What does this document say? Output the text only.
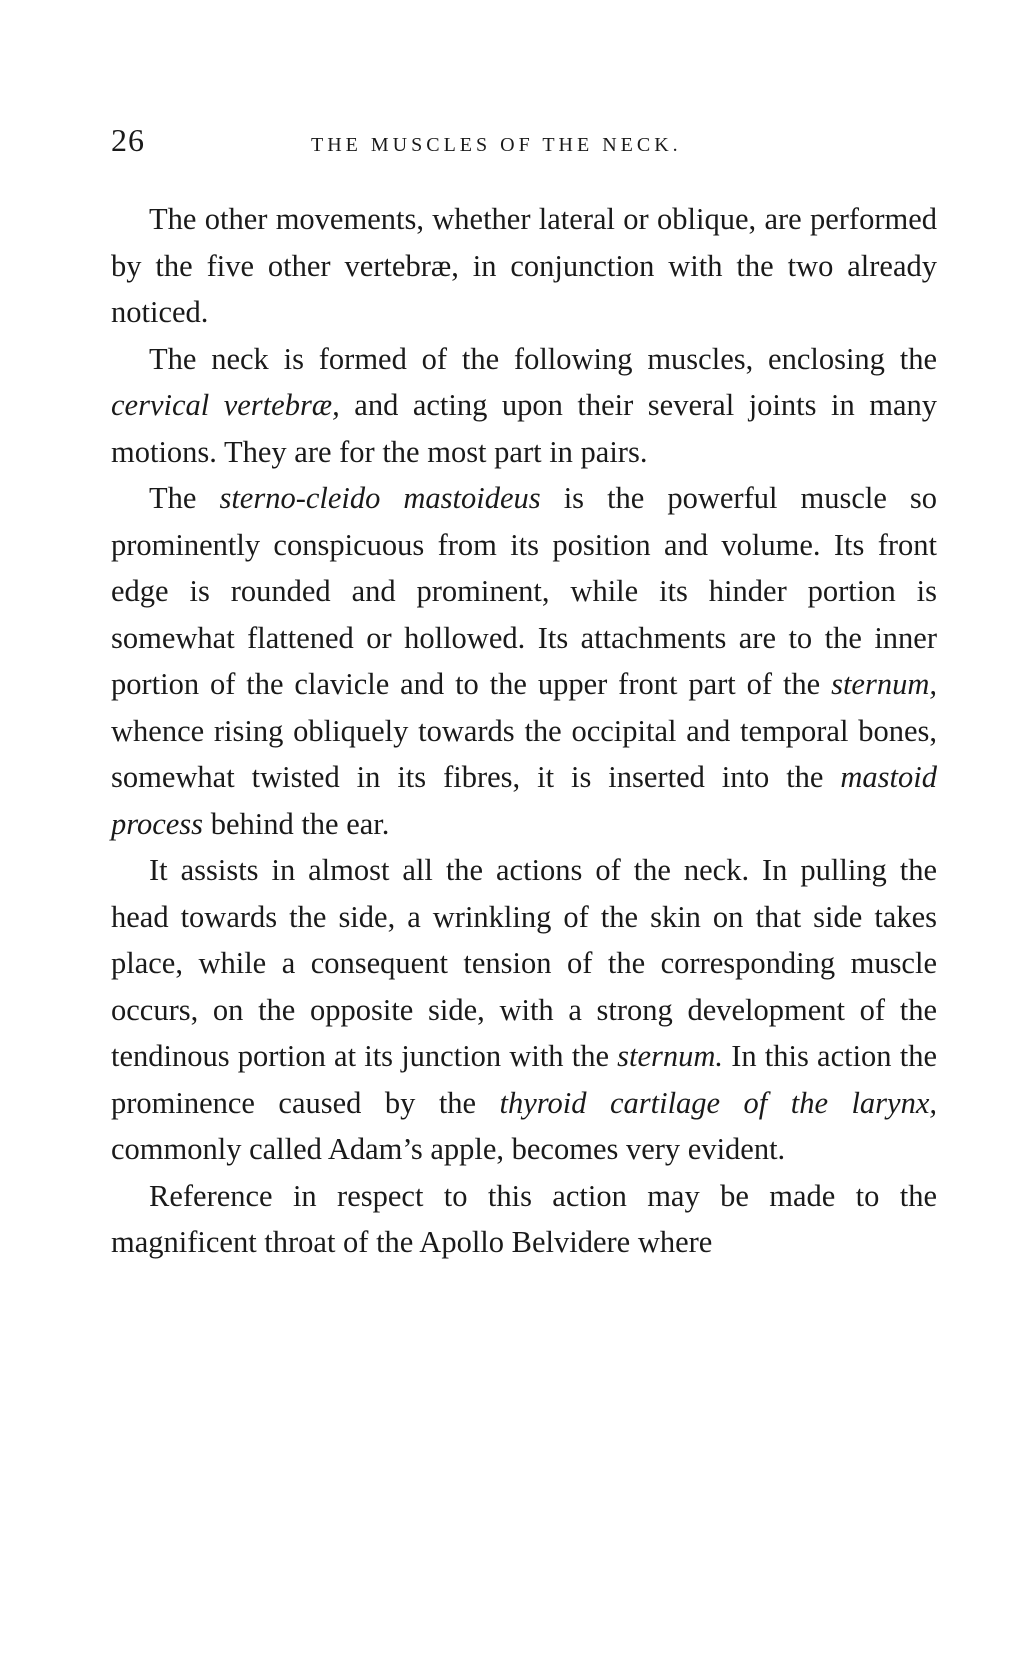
26	THE MUSCLES OF THE NECK.

The other movements, whether lateral or oblique, are performed by the five other vertebræ, in conjunction with the two already noticed.

The neck is formed of the following muscles, enclosing the cervical vertebræ, and acting upon their several joints in many motions. They are for the most part in pairs.

The sterno-cleido mastoideus is the powerful muscle so prominently conspicuous from its position and volume. Its front edge is rounded and prominent, while its hinder portion is somewhat flattened or hollowed. Its attachments are to the inner portion of the clavicle and to the upper front part of the sternum, whence rising obliquely towards the occipital and temporal bones, somewhat twisted in its fibres, it is inserted into the mastoid process behind the ear.

It assists in almost all the actions of the neck. In pulling the head towards the side, a wrinkling of the skin on that side takes place, while a consequent tension of the corresponding muscle occurs, on the opposite side, with a strong development of the tendinous portion at its junction with the sternum. In this action the prominence caused by the thyroid cartilage of the larynx, commonly called Adam’s apple, becomes very evident.

Reference in respect to this action may be made to the magnificent throat of the Apollo Belvidere where
